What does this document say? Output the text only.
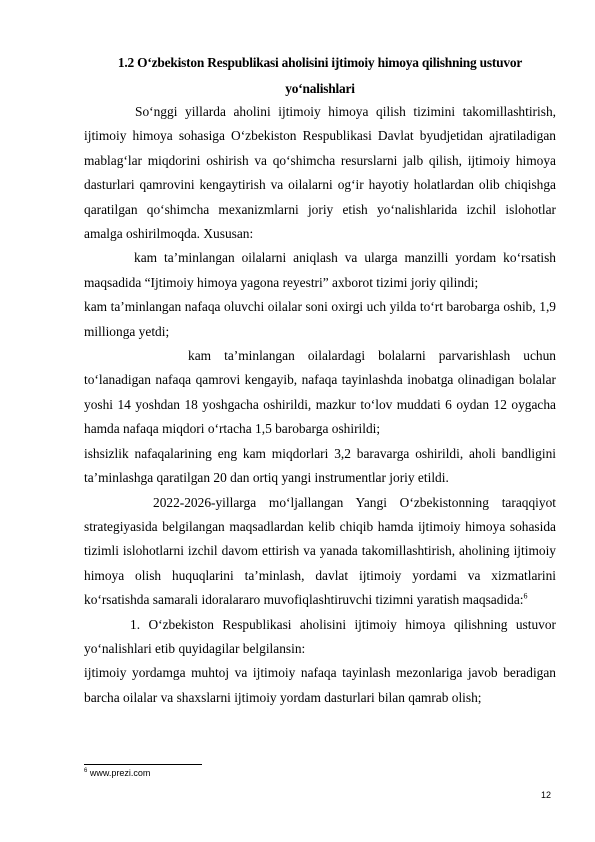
1.2 O‘zbekiston Respublikasi aholisini ijtimoiy himoya qilishning ustuvor
yo‘nalishlari

So‘nggi yillarda aholini ijtimoiy himoya qilish tizimini takomillashtirish, ijtimoiy himoya sohasiga O‘zbekiston Respublikasi Davlat byudjetidan ajratiladigan mablag‘lar miqdorini oshirish va qo‘shimcha resurslarni jalb qilish, ijtimoiy himoya dasturlari qamrovini kengaytirish va oilalarni og‘ir hayotiy holatlardan olib chiqishga qaratilgan qo‘shimcha mexanizmlarni joriy etish yo‘nalishlarida izchil islohotlar amalga oshirilmoqda. Xususan:

kam ta’minlangan oilalarni aniqlash va ularga manzilli yordam ko‘rsatish maqsadida “Ijtimoiy himoya yagona reyestri” axborot tizimi joriy qilindi;

kam ta’minlangan nafaqa oluvchi oilalar soni oxirgi uch yilda to‘rt barobarga oshib, 1,9 millionga yetdi;

kam ta’minlangan oilalardagi bolalarni parvarishlash uchun to‘lanadigan nafaqa qamrovi kengayib, nafaqa tayinlashda inobatga olinadigan bolalar yoshi 14 yoshdan 18 yoshgacha oshirildi, mazkur to‘lov muddati 6 oydan 12 oygacha hamda nafaqa miqdori o‘rtacha 1,5 barobarga oshirildi;

ishsizlik nafaqalarining eng kam miqdorlari 3,2 baravarga oshirildi, aholi bandligini ta’minlashga qaratilgan 20 dan ortiq yangi instrumentlar joriy etildi.

2022-2026-yillarga mo‘ljallangan Yangi O‘zbekistonning taraqqiyot strategiyasida belgilangan maqsadlardan kelib chiqib hamda ijtimoiy himoya sohasida tizimli islohotlarni izchil davom ettirish va yanada takomillashtirish, aholining ijtimoiy himoya olish huquqlarini ta’minlash, davlat ijtimoiy yordami va xizmatlarini ko‘rsatishda samarali idoralararo muvofiqlashtiruvchi tizimni yaratish maqsadida:$^6$

1. O‘zbekiston Respublikasi aholisini ijtimoiy himoya qilishning ustuvor yo‘nalishlari etib quyidagilar belgilansin:

ijtimoiy yordamga muhtoj va ijtimoiy nafaqa tayinlash mezonlariga javob beradigan barcha oilalar va shaxslarni ijtimoiy yordam dasturlari bilan qamrab olish;

$^6$ www.prezi.com
12
